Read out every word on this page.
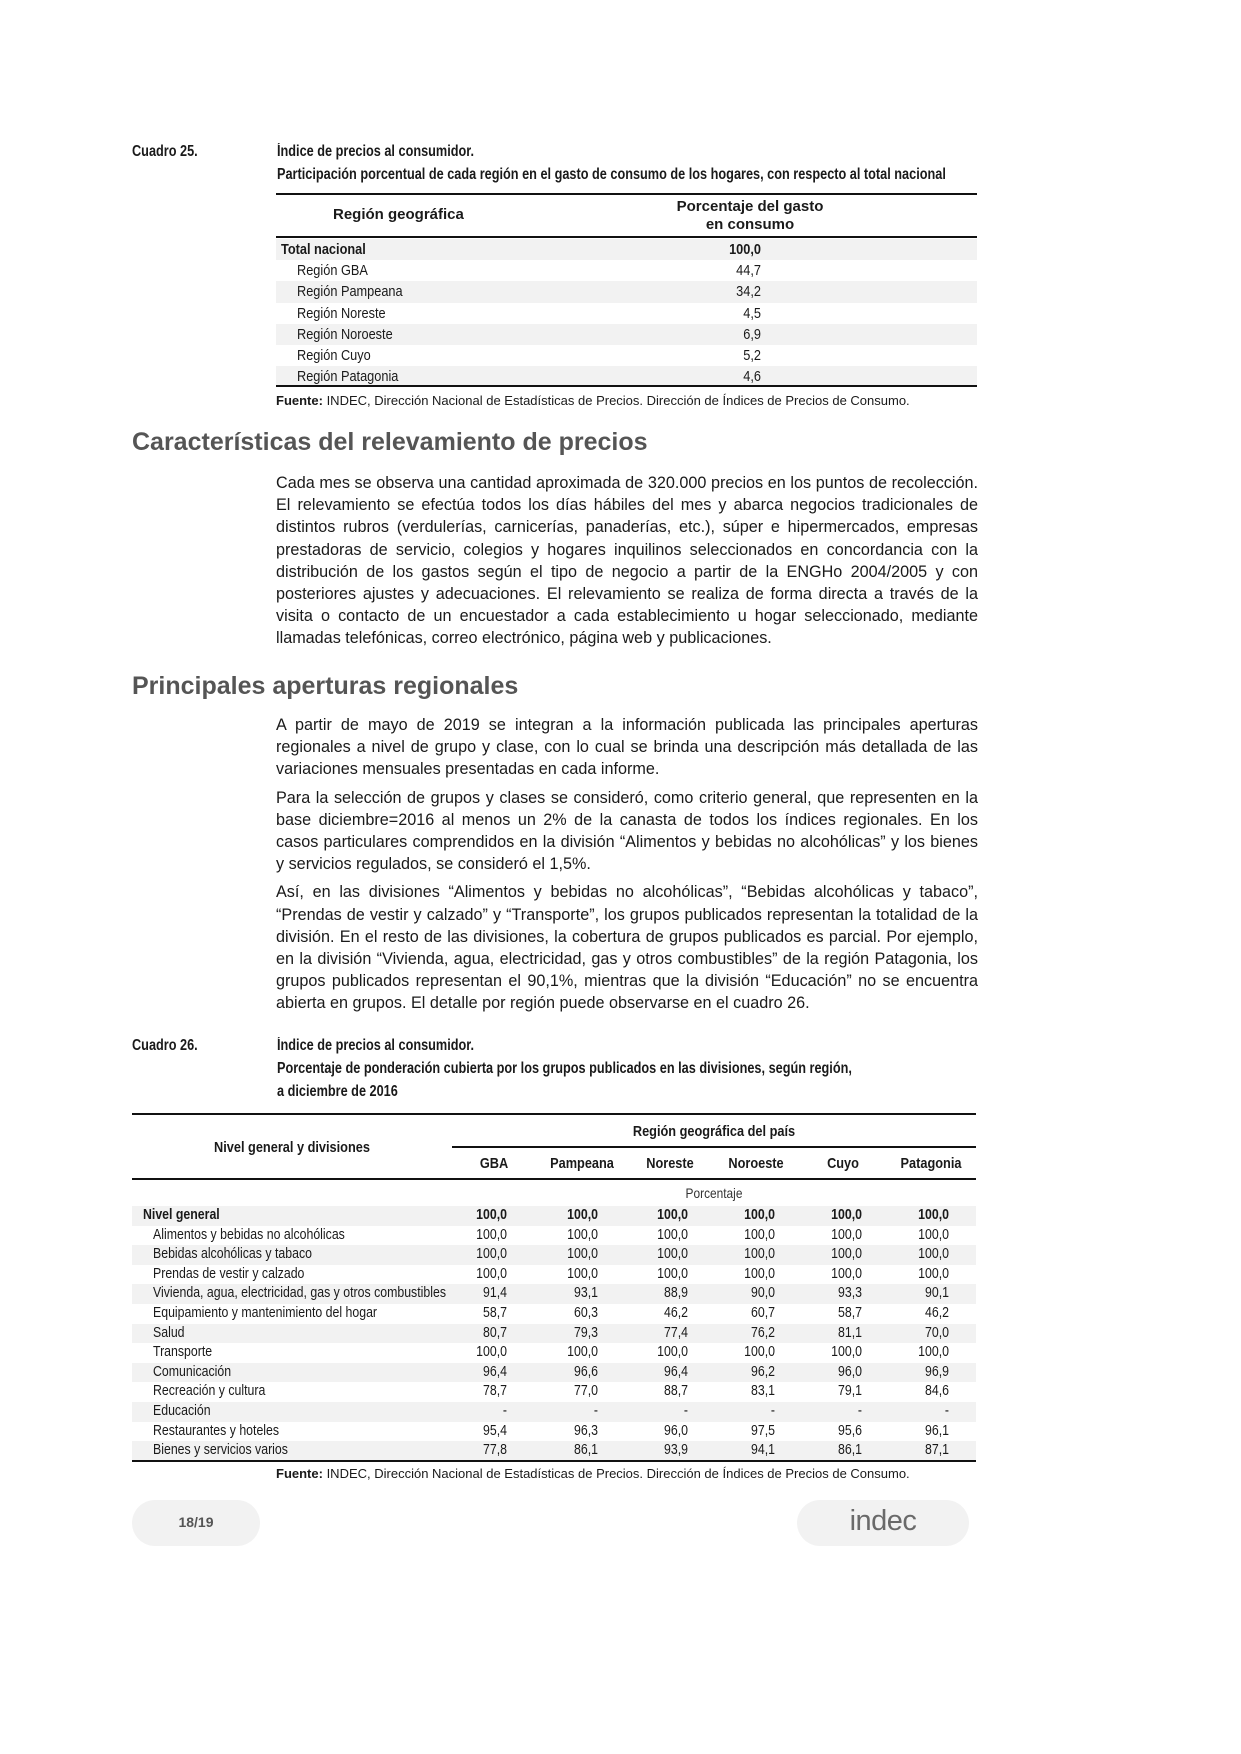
Cuadro 25.	Índice de precios al consumidor.
Participación porcentual de cada región en el gasto de consumo de los hogares, con respecto al total nacional
Región geográfica	Porcentaje del gasto
en consumo
Total nacional	100,0
Región GBA	44,7
Región Pampeana	34,2
Región Noreste	4,5
Región Noroeste	6,9
Región Cuyo	5,2
Región Patagonia	4,6
Fuente: INDEC, Dirección Nacional de Estadísticas de Precios. Dirección de Índices de Precios de Consumo.
Características del relevamiento de precios

Cada mes se observa una cantidad aproximada de 320.000 precios en los puntos de recolección. El relevamiento se efectúa todos los días hábiles del mes y abarca negocios tradicionales de distintos rubros (verdulerías, carnicerías, panaderías, etc.), súper e hipermercados, empresas prestadoras de servicio, colegios y hogares inquilinos seleccionados en concordancia con la distribución de los gastos según el tipo de negocio a partir de la ENGHo 2004/2005 y con posteriores ajustes y adecuaciones. El relevamiento se realiza de forma directa a través de la visita o contacto de un encuestador a cada establecimiento u hogar seleccionado, mediante llamadas telefónicas, correo electrónico, página web y publicaciones.

Principales aperturas regionales

A partir de mayo de 2019 se integran a la información publicada las principales aperturas regionales a nivel de grupo y clase, con lo cual se brinda una descripción más detallada de las variaciones mensuales presentadas en cada informe.

Para la selección de grupos y clases se consideró, como criterio general, que representen en la base diciembre=2016 al menos un 2% de la canasta de todos los índices regionales. En los casos particulares comprendidos en la división “Alimentos y bebidas no alcohólicas” y los bienes y servicios regulados, se consideró el 1,5%.

Así, en las divisiones “Alimentos y bebidas no alcohólicas”, “Bebidas alcohólicas y tabaco”, “Prendas de vestir y calzado” y “Transporte”, los grupos publicados representan la totalidad de la división. En el resto de las divisiones, la cobertura de grupos publicados es parcial. Por ejemplo, en la división “Vivienda, agua, electricidad, gas y otros combustibles” de la región Patagonia, los grupos publicados representan el 90,1%, mientras que la división “Educación” no se encuentra abierta en grupos. El detalle por región puede observarse en el cuadro 26.

Cuadro 26.	Índice de precios al consumidor.
Porcentaje de ponderación cubierta por los grupos publicados en las divisiones, según región,
a diciembre de 2016
Nivel general y divisiones
Región geográfica del país
GBA	Pampeana	Noreste	Noroeste	Cuyo	Patagonia
Porcentaje
Nivel general	100,0	100,0	100,0	100,0	100,0	100,0
Alimentos y bebidas no alcohólicas	100,0	100,0	100,0	100,0	100,0	100,0
Bebidas alcohólicas y tabaco	100,0	100,0	100,0	100,0	100,0	100,0
Prendas de vestir y calzado	100,0	100,0	100,0	100,0	100,0	100,0
Vivienda, agua, electricidad, gas y otros combustibles	91,4	93,1	88,9	90,0	93,3	90,1
Equipamiento y mantenimiento del hogar	58,7	60,3	46,2	60,7	58,7	46,2
Salud	80,7	79,3	77,4	76,2	81,1	70,0
Transporte	100,0	100,0	100,0	100,0	100,0	100,0
Comunicación	96,4	96,6	96,4	96,2	96,0	96,9
Recreación y cultura	78,7	77,0	88,7	83,1	79,1	84,6
Educación	-	-	-	-	-	-
Restaurantes y hoteles	95,4	96,3	96,0	97,5	95,6	96,1
Bienes y servicios varios	77,8	86,1	93,9	94,1	86,1	87,1
Fuente: INDEC, Dirección Nacional de Estadísticas de Precios. Dirección de Índices de Precios de Consumo.
18/19	indec
